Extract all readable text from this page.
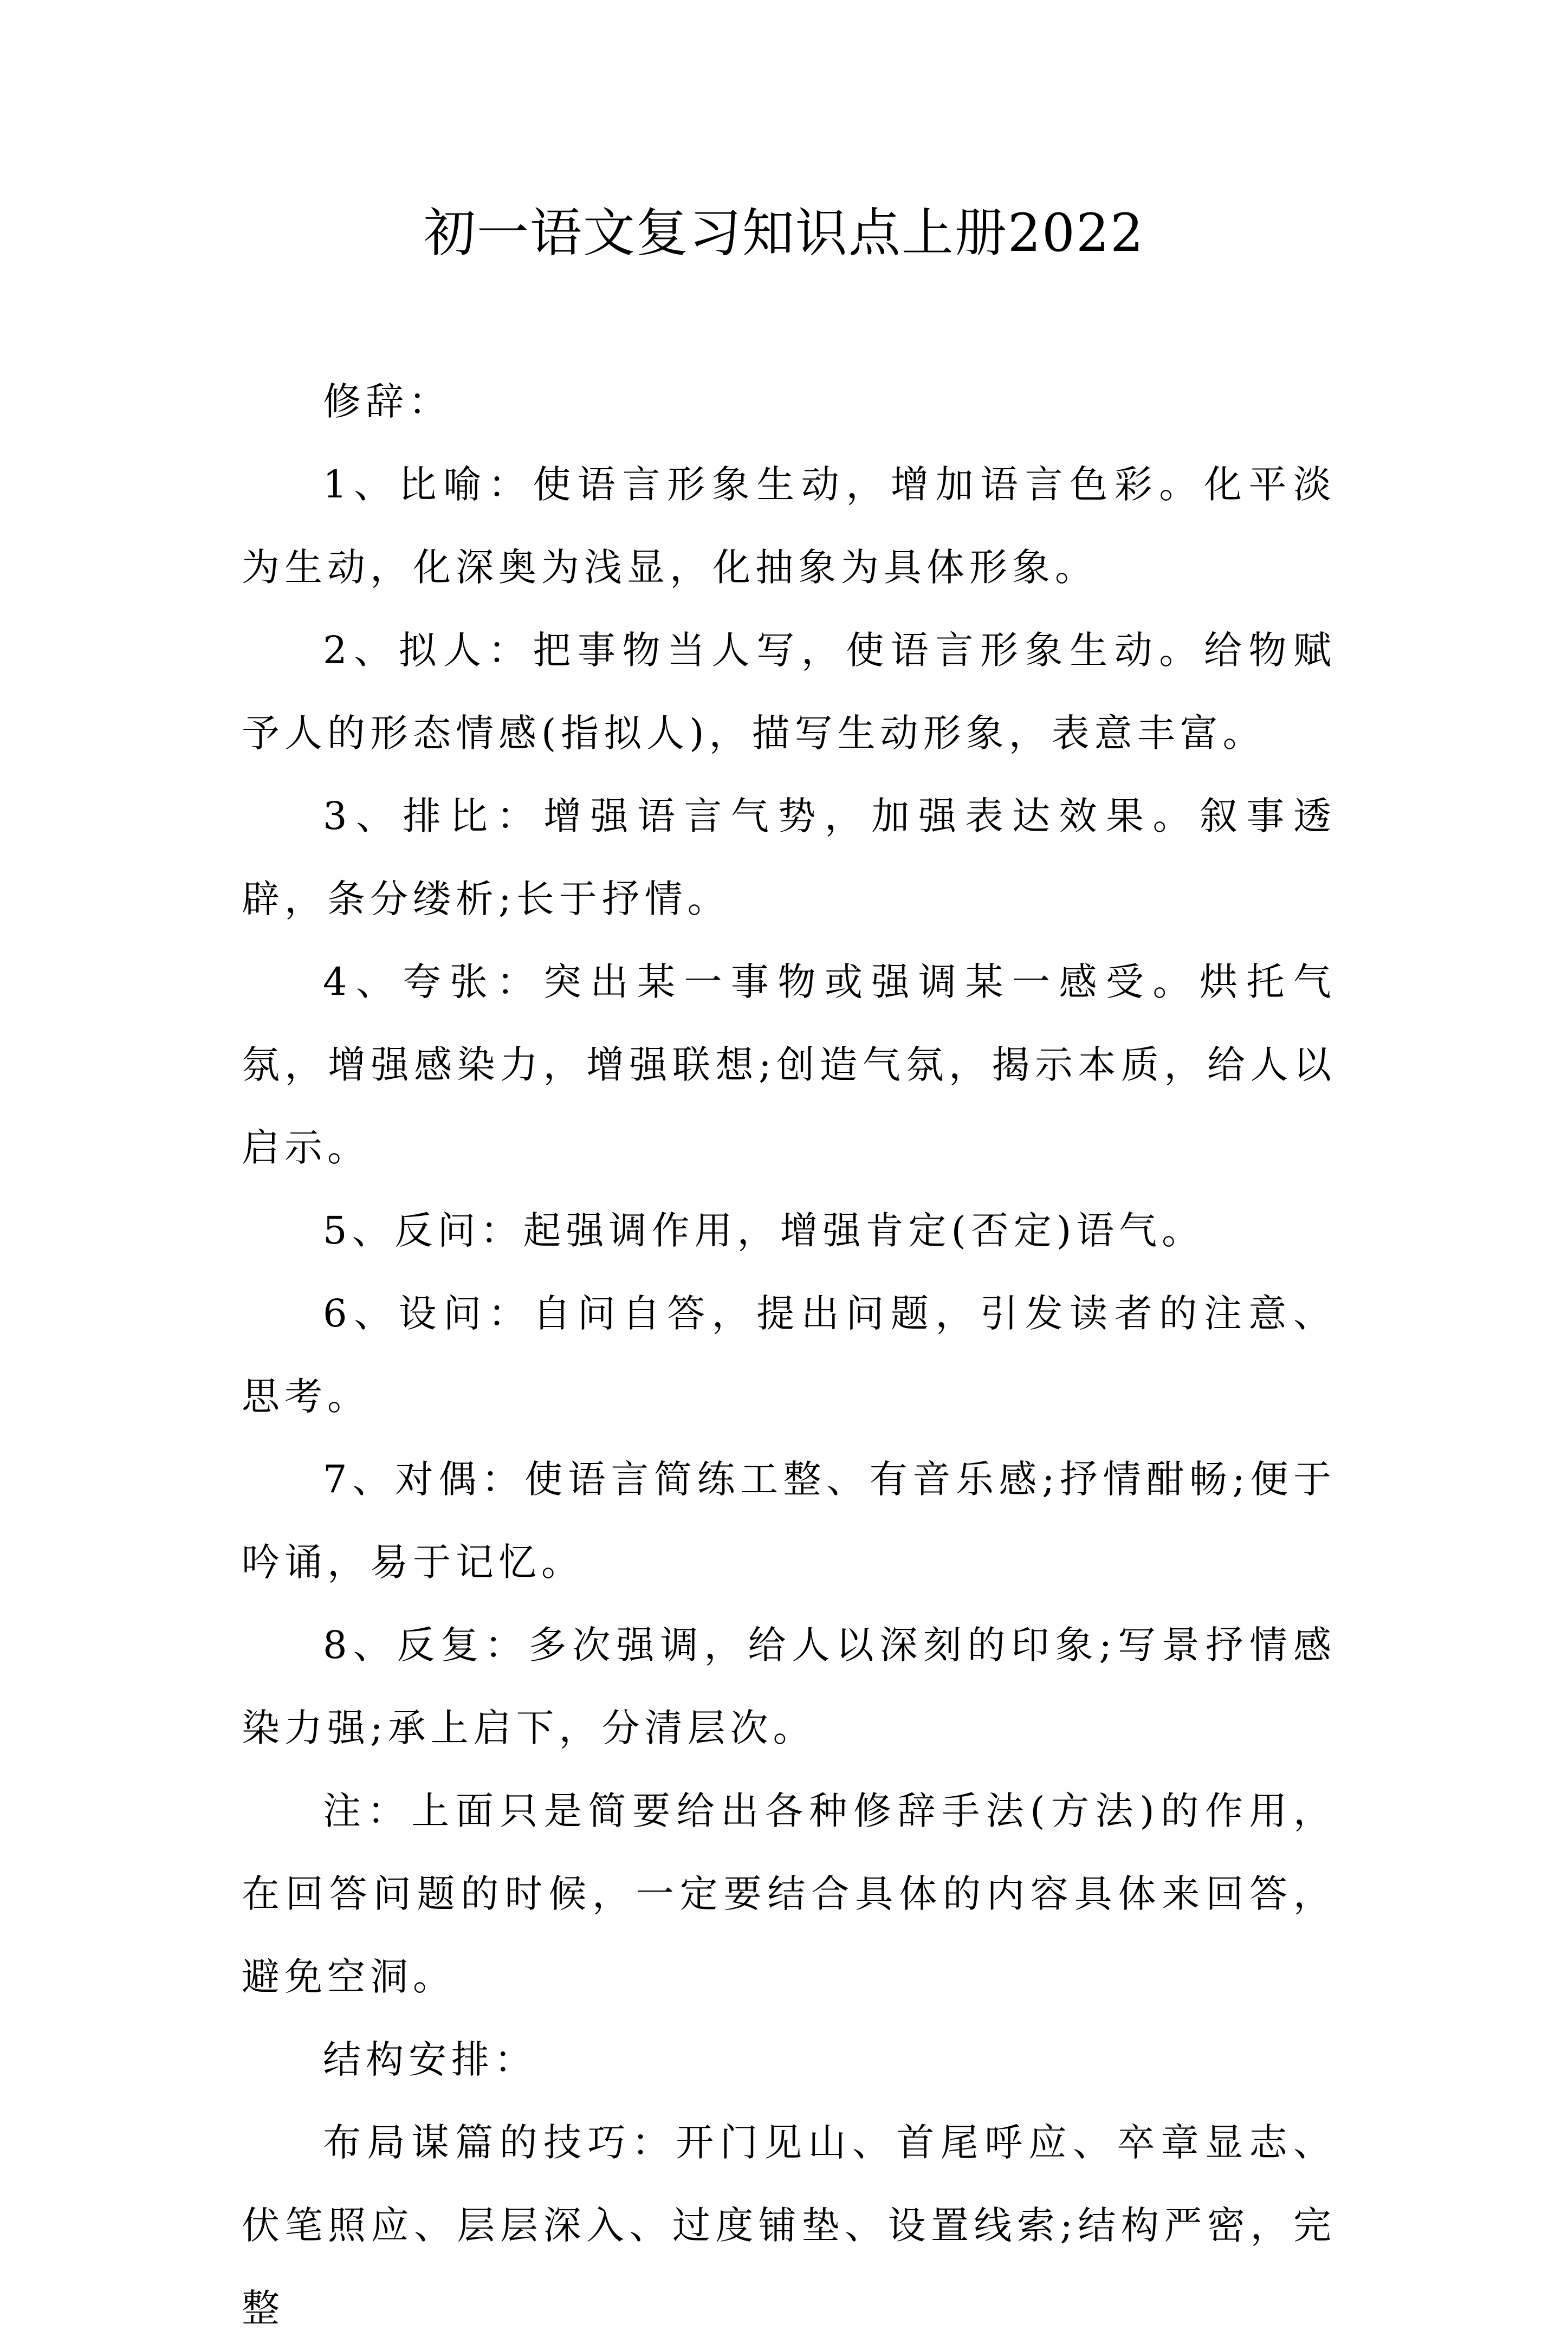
初一语文复习知识点上册2022

修辞：

1、比喻：使语言形象生动，增加语言色彩。化平淡为生动，化深奥为浅显，化抽象为具体形象。

2、拟人：把事物当人写，使语言形象生动。给物赋予人的形态情感(指拟人)，描写生动形象，表意丰富。

3、排比：增强语言气势，加强表达效果。叙事透辟，条分缕析;长于抒情。

4、夸张：突出某一事物或强调某一感受。烘托气氛，增强感染力，增强联想;创造气氛，揭示本质，给人以启示。

5、反问：起强调作用，增强肯定(否定)语气。

6、设问：自问自答，提出问题，引发读者的注意、思考。

7、对偶：使语言简练工整、有音乐感;抒情酣畅;便于吟诵，易于记忆。

8、反复：多次强调，给人以深刻的印象;写景抒情感染力强;承上启下，分清层次。

注：上面只是简要给出各种修辞手法(方法)的作用，在回答问题的时候，一定要结合具体的内容具体来回答，避免空洞。

结构安排：

布局谋篇的技巧：开门见山、首尾呼应、卒章显志、伏笔照应、层层深入、过度铺垫、设置线索;结构严密，完整
